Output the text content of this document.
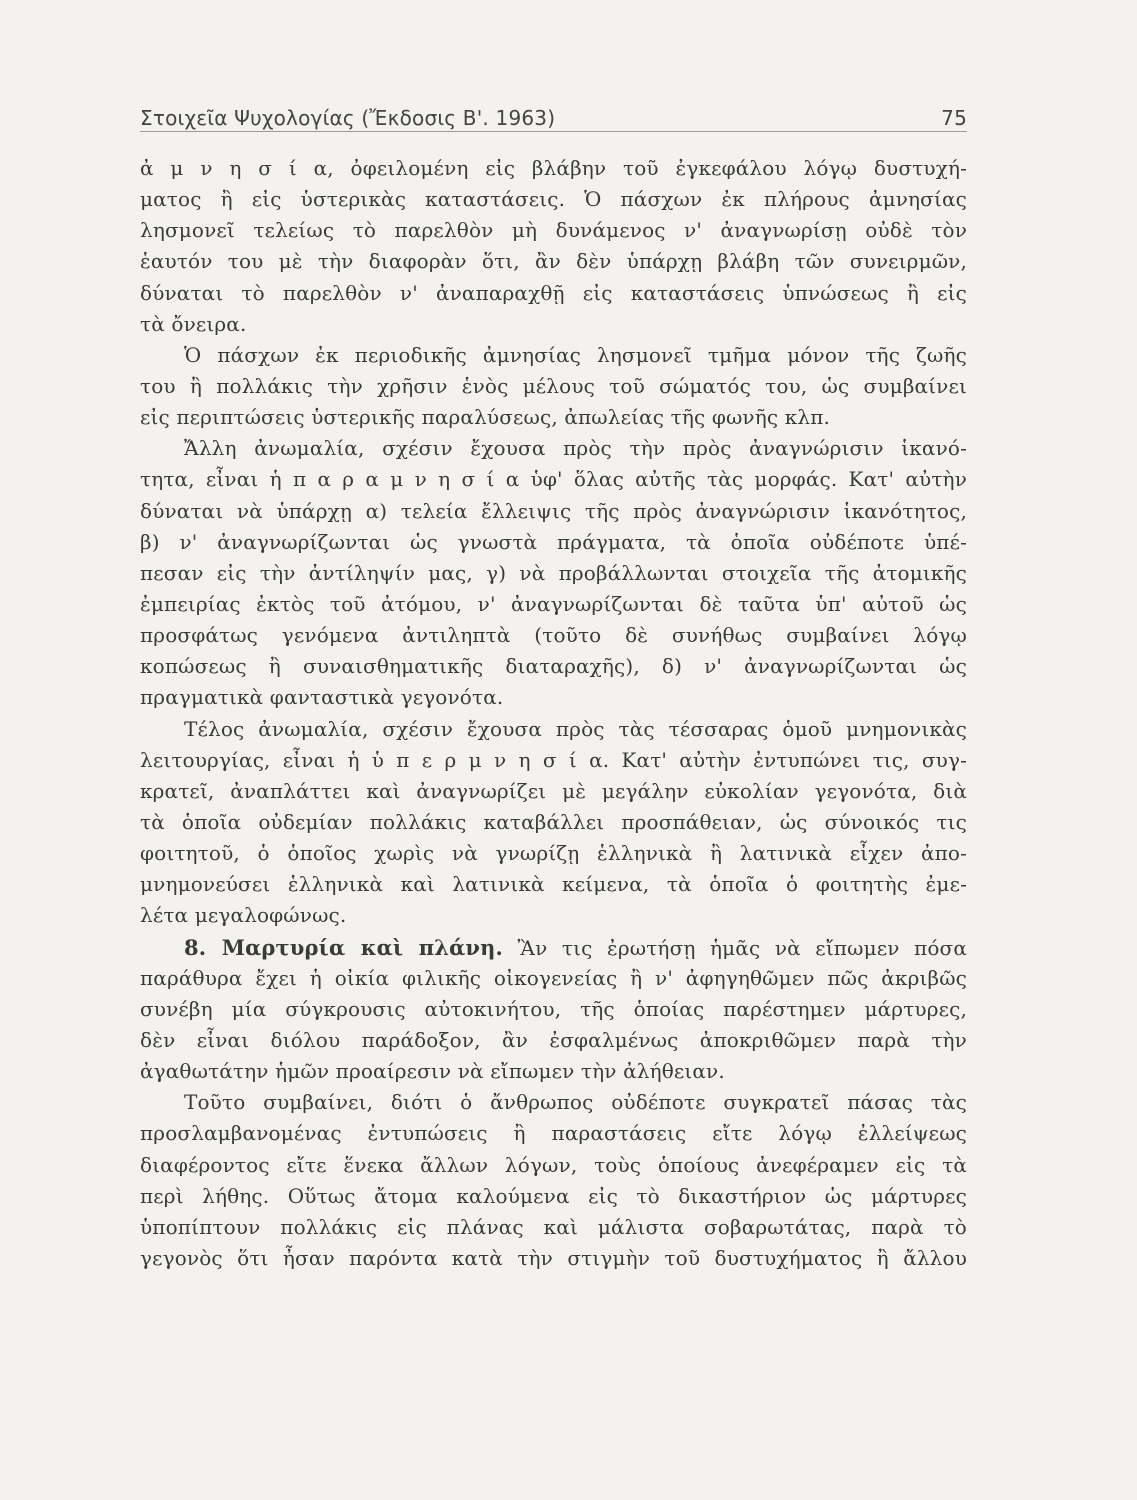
Στοιχεῖα Ψυχολογίας (Ἔκδοσις Β'. 1963)	75
ἀ μ ν η σ ί α, ὀφειλομένη εἰς βλάβην τοῦ ἐγκεφάλου λόγῳ δυστυχή-
ματος ἢ εἰς ὑστερικὰς καταστάσεις. Ὁ πάσχων ἐκ πλήρους ἀμνησίας
λησμονεῖ τελείως τὸ παρελθὸν μὴ δυνάμενος ν' ἀναγνωρίσῃ οὐδὲ τὸν
ἑαυτόν του μὲ τὴν διαφορὰν ὅτι, ἂν δὲν ὑπάρχῃ βλάβη τῶν συνειρμῶν,
δύναται τὸ παρελθὸν ν' ἀναπαραχθῇ εἰς καταστάσεις ὑπνώσεως ἢ εἰς
τὰ ὄνειρα.
Ὁ πάσχων ἐκ περιοδικῆς ἀμνησίας λησμονεῖ τμῆμα μόνον τῆς ζωῆς
του ἢ πολλάκις τὴν χρῆσιν ἑνὸς μέλους τοῦ σώματός του, ὡς συμβαίνει
εἰς περιπτώσεις ὑστερικῆς παραλύσεως, ἀπωλείας τῆς φωνῆς κλπ.
Ἄλλη ἀνωμαλία, σχέσιν ἔχουσα πρὸς τὴν πρὸς ἀναγνώρισιν ἱκανό-
τητα, εἶναι ἡ π α ρ α μ ν η σ ί α ὑφ' ὅλας αὐτῆς τὰς μορφάς. Κατ' αὐτὴν
δύναται νὰ ὑπάρχῃ α) τελεία ἔλλειψις τῆς πρὸς ἀναγνώρισιν ἱκανότητος,
β) ν' ἀναγνωρίζωνται ὡς γνωστὰ πράγματα, τὰ ὁποῖα οὐδέποτε ὑπέ-
πεσαν εἰς τὴν ἀντίληψίν μας, γ) νὰ προβάλλωνται στοιχεῖα τῆς ἀτομικῆς
ἐμπειρίας ἐκτὸς τοῦ ἀτόμου, ν' ἀναγνωρίζωνται δὲ ταῦτα ὑπ' αὐτοῦ ὡς
προσφάτως γενόμενα ἀντιληπτὰ (τοῦτο δὲ συνήθως συμβαίνει λόγῳ
κοπώσεως ἢ συναισθηματικῆς διαταραχῆς), δ) ν' ἀναγνωρίζωνται ὡς
πραγματικὰ φανταστικὰ γεγονότα.
Τέλος ἀνωμαλία, σχέσιν ἔχουσα πρὸς τὰς τέσσαρας ὁμοῦ μνημονικὰς
λειτουργίας, εἶναι ἡ ὑ π ε ρ μ ν η σ ί α. Κατ' αὐτὴν ἐντυπώνει τις, συγ-
κρατεῖ, ἀναπλάττει καὶ ἀναγνωρίζει μὲ μεγάλην εὐκολίαν γεγονότα, διὰ
τὰ ὁποῖα οὐδεμίαν πολλάκις καταβάλλει προσπάθειαν, ὡς σύνοικός τις
φοιτητοῦ, ὁ ὁποῖος χωρὶς νὰ γνωρίζῃ ἑλληνικὰ ἢ λατινικὰ εἶχεν ἀπο-
μνημονεύσει ἑλληνικὰ καὶ λατινικὰ κείμενα, τὰ ὁποῖα ὁ φοιτητὴς ἐμε-
λέτα μεγαλοφώνως.
8. Μαρτυρία καὶ πλάνη. Ἂν τις ἐρωτήσῃ ἡμᾶς νὰ εἴπωμεν πόσα
παράθυρα ἔχει ἡ οἰκία φιλικῆς οἰκογενείας ἢ ν' ἀφηγηθῶμεν πῶς ἀκριβῶς
συνέβη μία σύγκρουσις αὐτοκινήτου, τῆς ὁποίας παρέστημεν μάρτυρες,
δὲν εἶναι διόλου παράδοξον, ἂν ἐσφαλμένως ἀποκριθῶμεν παρὰ τὴν
ἀγαθωτάτην ἡμῶν προαίρεσιν νὰ εἴπωμεν τὴν ἀλήθειαν.
Τοῦτο συμβαίνει, διότι ὁ ἄνθρωπος οὐδέποτε συγκρατεῖ πάσας τὰς
προσλαμβανομένας ἐντυπώσεις ἢ παραστάσεις εἴτε λόγῳ ἐλλείψεως
διαφέροντος εἴτε ἕνεκα ἄλλων λόγων, τοὺς ὁποίους ἀνεφέραμεν εἰς τὰ
περὶ λήθης. Οὕτως ἄτομα καλούμενα εἰς τὸ δικαστήριον ὡς μάρτυρες
ὑποπίπτουν πολλάκις εἰς πλάνας καὶ μάλιστα σοβαρωτάτας, παρὰ τὸ
γεγονὸς ὅτι ἦσαν παρόντα κατὰ τὴν στιγμὴν τοῦ δυστυχήματος ἢ ἄλλου
